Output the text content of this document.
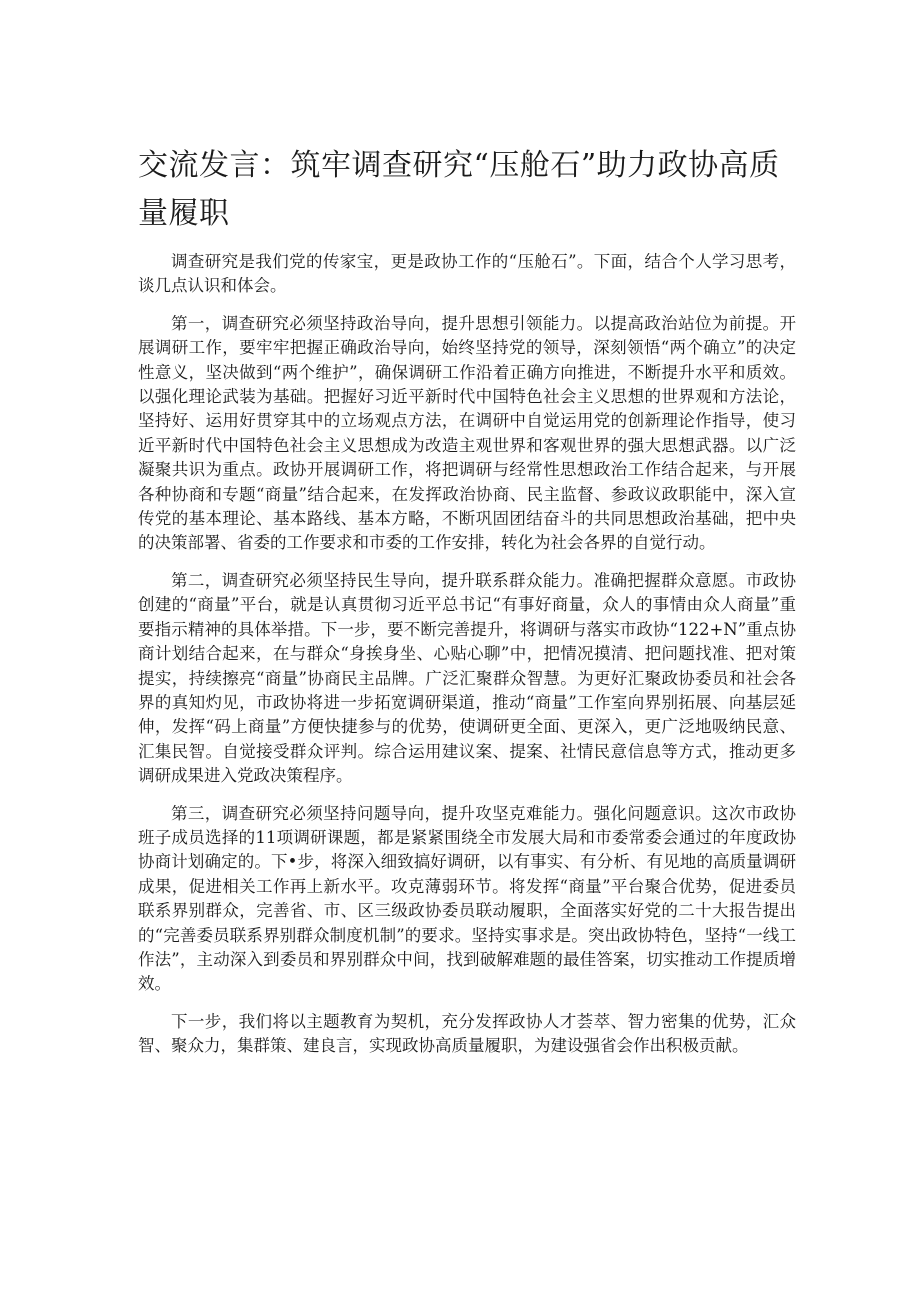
交流发言：筑牢调查研究“压舱石”助力政协高质量履职

调查研究是我们党的传家宝，更是政协工作的“压舱石”。下面，结合个人学习思考，谈几点认识和体会。

第一，调查研究必须坚持政治导向，提升思想引领能力。以提高政治站位为前提。开展调研工作，要牢牢把握正确政治导向，始终坚持党的领导，深刻领悟“两个确立”的决定性意义，坚决做到“两个维护”，确保调研工作沿着正确方向推进，不断提升水平和质效。以强化理论武装为基础。把握好习近平新时代中国特色社会主义思想的世界观和方法论，坚持好、运用好贯穿其中的立场观点方法，在调研中自觉运用党的创新理论作指导，使习近平新时代中国特色社会主义思想成为改造主观世界和客观世界的强大思想武器。以广泛凝聚共识为重点。政协开展调研工作，将把调研与经常性思想政治工作结合起来，与开展各种协商和专题“商量”结合起来，在发挥政治协商、民主监督、参政议政职能中，深入宣传党的基本理论、基本路线、基本方略，不断巩固团结奋斗的共同思想政治基础，把中央的决策部署、省委的工作要求和市委的工作安排，转化为社会各界的自觉行动。

第二，调查研究必须坚持民生导向，提升联系群众能力。准确把握群众意愿。市政协创建的“商量”平台，就是认真贯彻习近平总书记“有事好商量，众人的事情由众人商量”重要指示精神的具体举措。下一步，要不断完善提升，将调研与落实市政协“122+N”重点协商计划结合起来，在与群众“身挨身坐、心贴心聊”中，把情况摸清、把问题找准、把对策提实，持续擦亮“商量”协商民主品牌。广泛汇聚群众智慧。为更好汇聚政协委员和社会各界的真知灼见，市政协将进一步拓宽调研渠道，推动“商量”工作室向界别拓展、向基层延伸，发挥“码上商量”方便快捷参与的优势，使调研更全面、更深入，更广泛地吸纳民意、汇集民智。自觉接受群众评判。综合运用建议案、提案、社情民意信息等方式，推动更多调研成果进入党政决策程序。

第三，调查研究必须坚持问题导向，提升攻坚克难能力。强化问题意识。这次市政协班子成员选择的11项调研课题，都是紧紧围绕全市发展大局和市委常委会通过的年度政协协商计划确定的。下•步，将深入细致搞好调研，以有事实、有分析、有见地的高质量调研成果，促进相关工作再上新水平。攻克薄弱环节。将发挥“商量”平台聚合优势，促进委员联系界别群众，完善省、市、区三级政协委员联动履职，全面落实好党的二十大报告提出的“完善委员联系界别群众制度机制”的要求。坚持实事求是。突出政协特色，坚持“一线工作法”，主动深入到委员和界别群众中间，找到破解难题的最佳答案，切实推动工作提质增效。

下一步，我们将以主题教育为契机，充分发挥政协人才荟萃、智力密集的优势，汇众智、聚众力，集群策、建良言，实现政协高质量履职，为建设强省会作出积极贡献。
